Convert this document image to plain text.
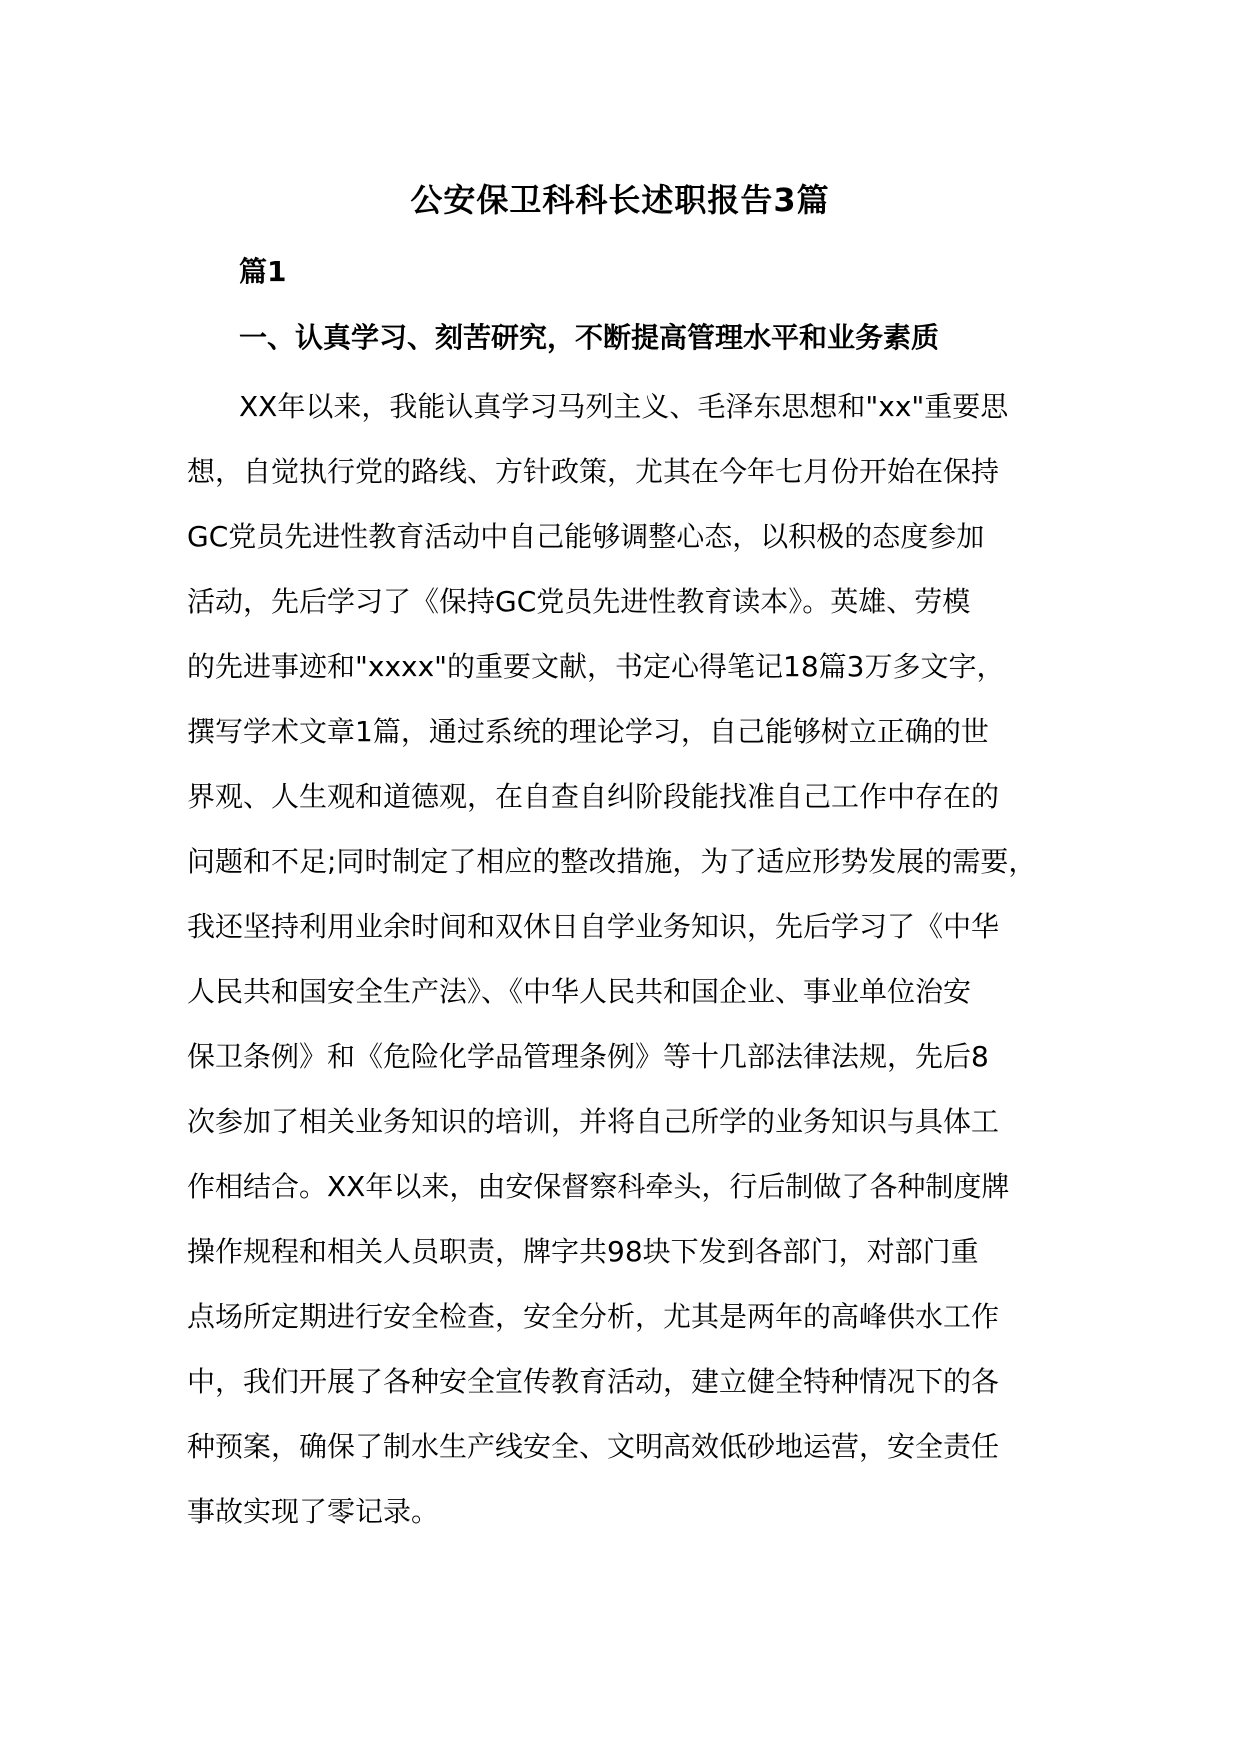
公安保卫科科长述职报告3篇
篇1
一、认真学习、刻苦研究，不断提高管理水平和业务素质
XX年以来，我能认真学习马列主义、毛泽东思想和"xx"重要思
想，自觉执行党的路线、方针政策，尤其在今年七月份开始在保持
GC党员先进性教育活动中自己能够调整心态，以积极的态度参加
活动，先后学习了《保持GC党员先进性教育读本》。英雄、劳模
的先进事迹和"xxxx"的重要文献，书定心得笔记18篇3万多文字，
撰写学术文章1篇，通过系统的理论学习，自己能够树立正确的世
界观、人生观和道德观，在自查自纠阶段能找准自己工作中存在的
问题和不足;同时制定了相应的整改措施，为了适应形势发展的需要，
我还坚持利用业余时间和双休日自学业务知识，先后学习了《中华
人民共和国安全生产法》、《中华人民共和国企业、事业单位治安
保卫条例》和《危险化学品管理条例》等十几部法律法规，先后8
次参加了相关业务知识的培训，并将自己所学的业务知识与具体工
作相结合。XX年以来，由安保督察科牵头，行后制做了各种制度牌
操作规程和相关人员职责，牌字共98块下发到各部门，对部门重
点场所定期进行安全检查，安全分析，尤其是两年的高峰供水工作
中，我们开展了各种安全宣传教育活动，建立健全特种情况下的各
种预案，确保了制水生产线安全、文明高效低砂地运营，安全责任
事故实现了零记录。
